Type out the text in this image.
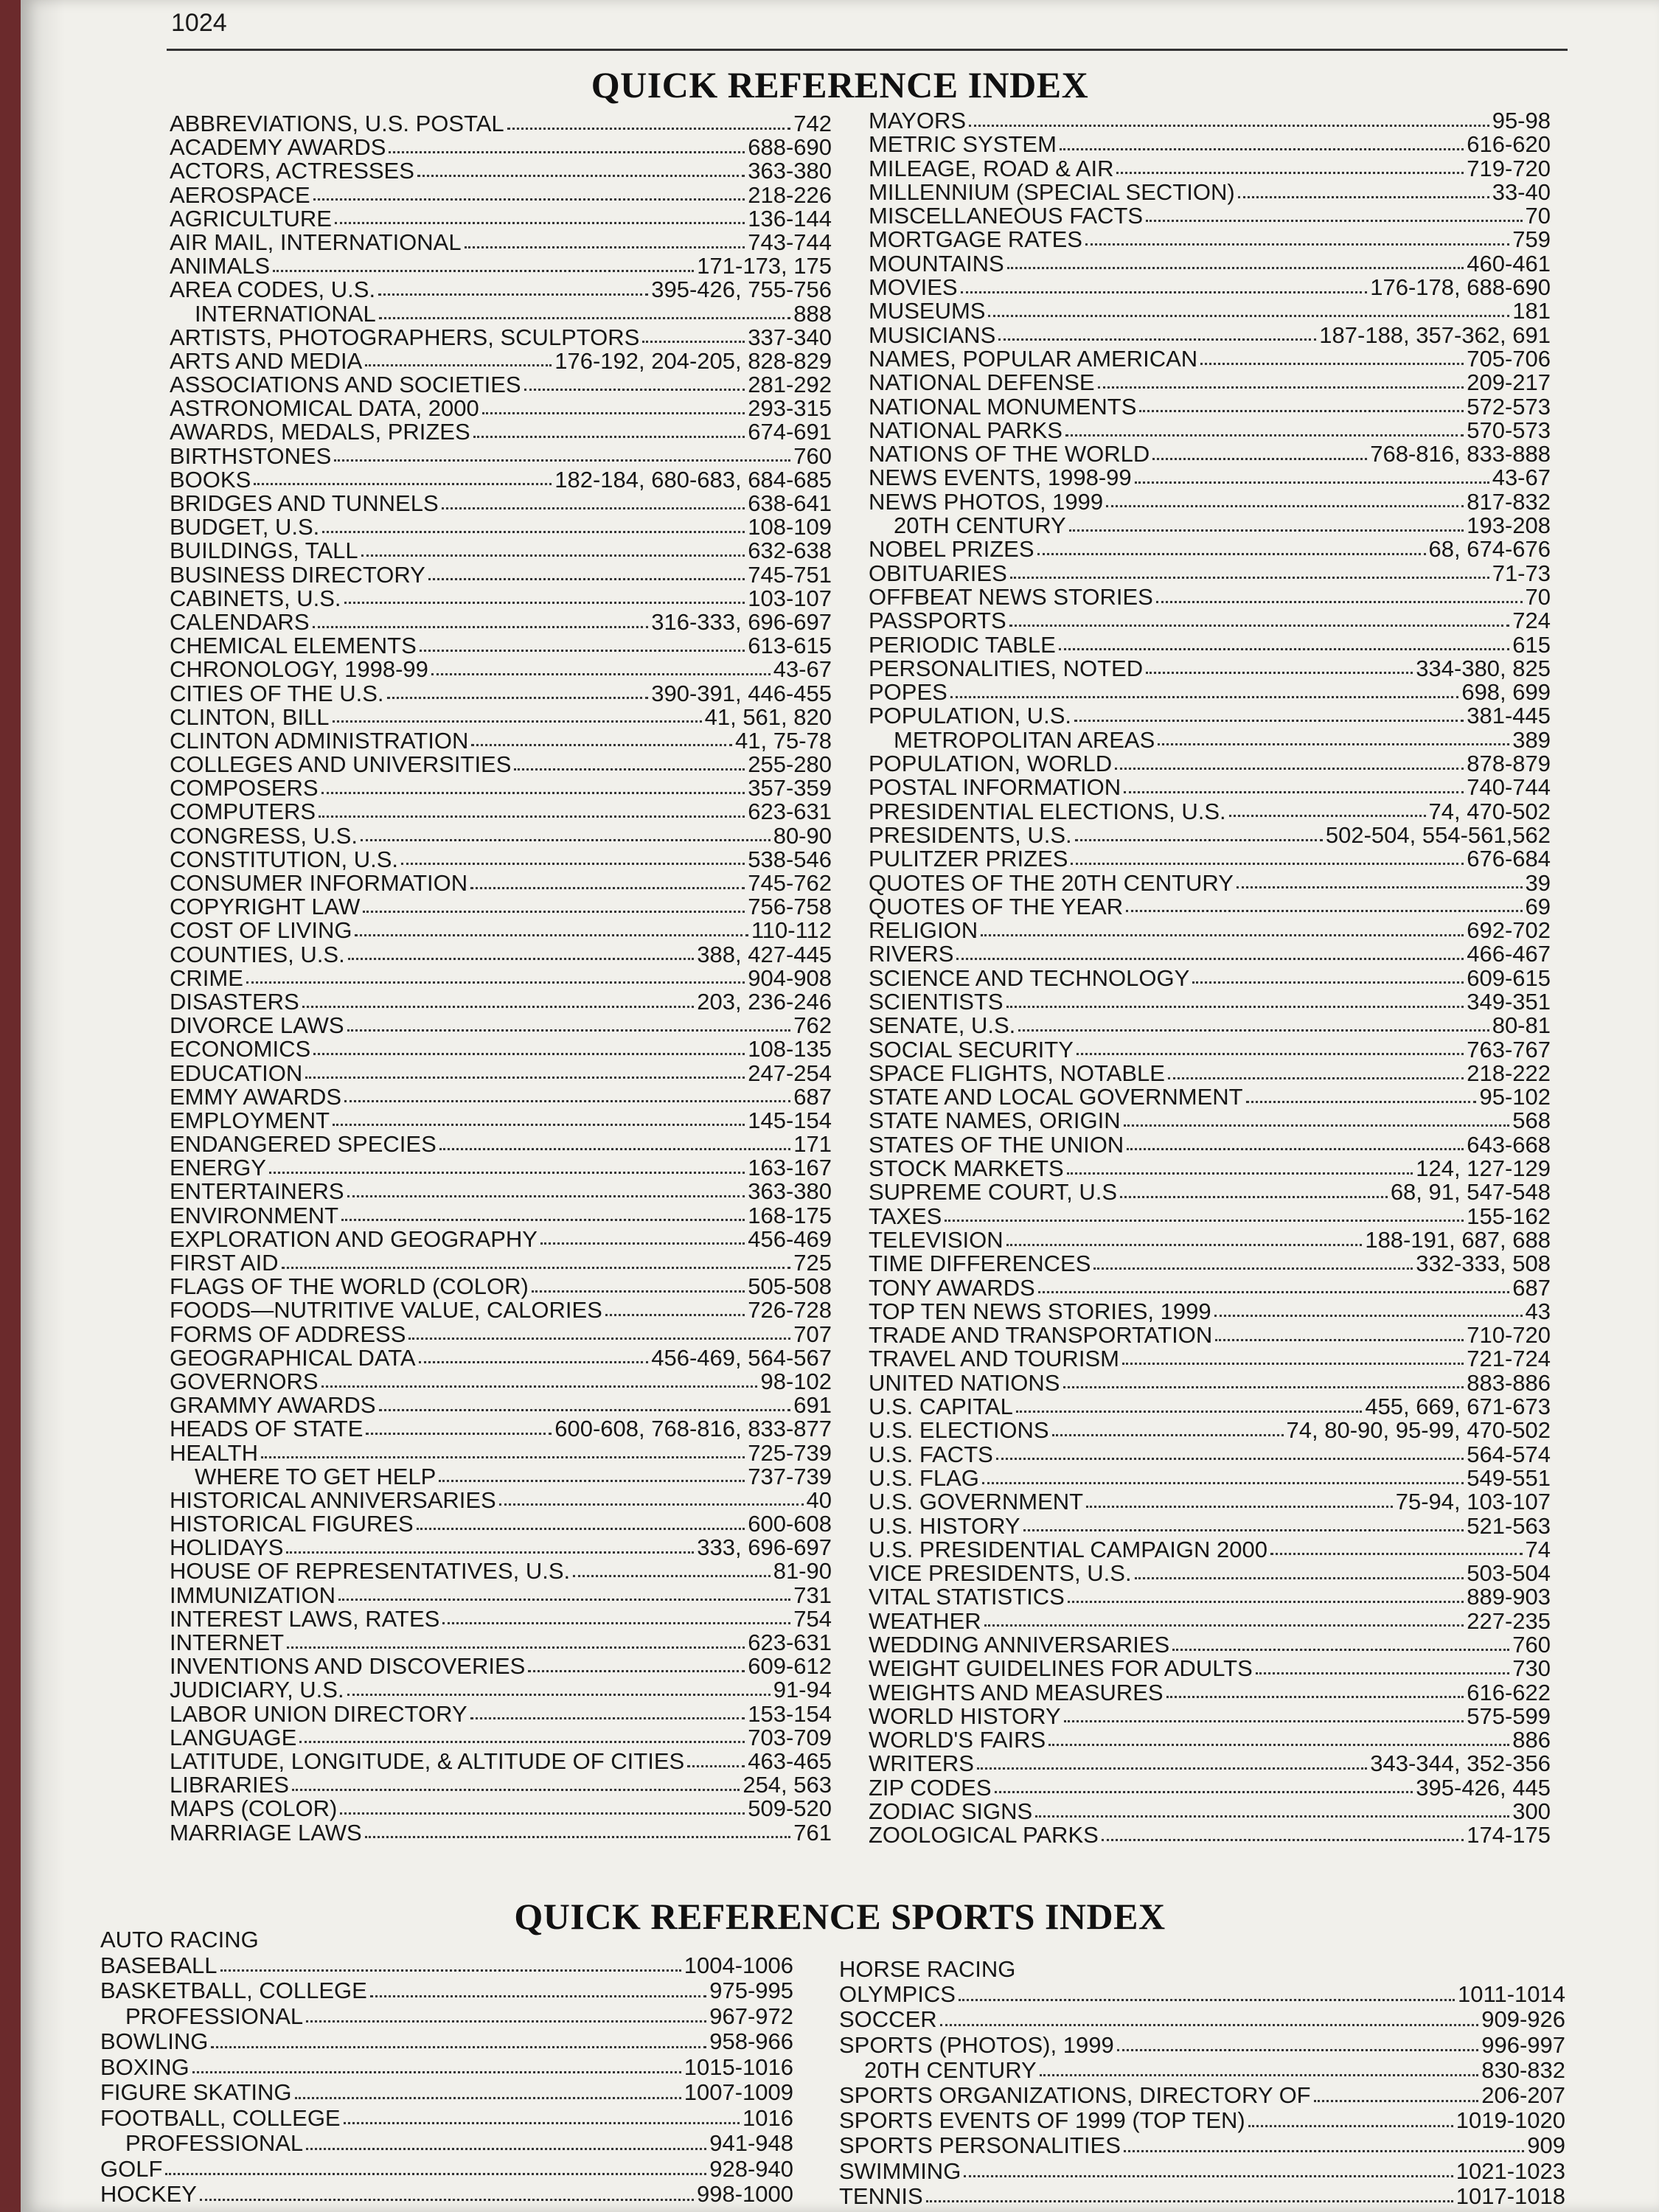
1024
QUICK REFERENCE INDEX
ABBREVIATIONS, U.S. POSTAL	742
ACADEMY AWARDS	688-690
ACTORS, ACTRESSES	363-380
AEROSPACE	218-226
AGRICULTURE	136-144
AIR MAIL, INTERNATIONAL	743-744
ANIMALS	171-173, 175
AREA CODES, U.S.	395-426, 755-756
INTERNATIONAL	888
ARTISTS, PHOTOGRAPHERS, SCULPTORS	337-340
ARTS AND MEDIA	176-192, 204-205, 828-829
ASSOCIATIONS AND SOCIETIES	281-292
ASTRONOMICAL DATA, 2000	293-315
AWARDS, MEDALS, PRIZES	674-691
BIRTHSTONES	760
BOOKS	182-184, 680-683, 684-685
BRIDGES AND TUNNELS	638-641
BUDGET, U.S.	108-109
BUILDINGS, TALL	632-638
BUSINESS DIRECTORY	745-751
CABINETS, U.S.	103-107
CALENDARS	316-333, 696-697
CHEMICAL ELEMENTS	613-615
CHRONOLOGY, 1998-99	43-67
CITIES OF THE U.S.	390-391, 446-455
CLINTON, BILL	41, 561, 820
CLINTON ADMINISTRATION	41, 75-78
COLLEGES AND UNIVERSITIES	255-280
COMPOSERS	357-359
COMPUTERS	623-631
CONGRESS, U.S.	80-90
CONSTITUTION, U.S.	538-546
CONSUMER INFORMATION	745-762
COPYRIGHT LAW	756-758
COST OF LIVING	110-112
COUNTIES, U.S.	388, 427-445
CRIME	904-908
DISASTERS	203, 236-246
DIVORCE LAWS	762
ECONOMICS	108-135
EDUCATION	247-254
EMMY AWARDS	687
EMPLOYMENT	145-154
ENDANGERED SPECIES	171
ENERGY	163-167
ENTERTAINERS	363-380
ENVIRONMENT	168-175
EXPLORATION AND GEOGRAPHY	456-469
FIRST AID	725
FLAGS OF THE WORLD (COLOR)	505-508
FOODS—NUTRITIVE VALUE, CALORIES	726-728
FORMS OF ADDRESS	707
GEOGRAPHICAL DATA	456-469, 564-567
GOVERNORS	98-102
GRAMMY AWARDS	691
HEADS OF STATE	600-608, 768-816, 833-877
HEALTH	725-739
WHERE TO GET HELP	737-739
HISTORICAL ANNIVERSARIES	40
HISTORICAL FIGURES	600-608
HOLIDAYS	333, 696-697
HOUSE OF REPRESENTATIVES, U.S.	81-90
IMMUNIZATION	731
INTEREST LAWS, RATES	754
INTERNET	623-631
INVENTIONS AND DISCOVERIES	609-612
JUDICIARY, U.S.	91-94
LABOR UNION DIRECTORY	153-154
LANGUAGE	703-709
LATITUDE, LONGITUDE, & ALTITUDE OF CITIES	463-465
LIBRARIES	254, 563
MAPS (COLOR)	509-520
MARRIAGE LAWS	761
MAYORS	95-98
METRIC SYSTEM	616-620
MILEAGE, ROAD & AIR	719-720
MILLENNIUM (SPECIAL SECTION)	33-40
MISCELLANEOUS FACTS	70
MORTGAGE RATES	759
MOUNTAINS	460-461
MOVIES	176-178, 688-690
MUSEUMS	181
MUSICIANS	187-188, 357-362, 691
NAMES, POPULAR AMERICAN	705-706
NATIONAL DEFENSE	209-217
NATIONAL MONUMENTS	572-573
NATIONAL PARKS	570-573
NATIONS OF THE WORLD	768-816, 833-888
NEWS EVENTS, 1998-99	43-67
NEWS PHOTOS, 1999	817-832
20TH CENTURY	193-208
NOBEL PRIZES	68, 674-676
OBITUARIES	71-73
OFFBEAT NEWS STORIES	70
PASSPORTS	724
PERIODIC TABLE	615
PERSONALITIES, NOTED	334-380, 825
POPES	698, 699
POPULATION, U.S.	381-445
METROPOLITAN AREAS	389
POPULATION, WORLD	878-879
POSTAL INFORMATION	740-744
PRESIDENTIAL ELECTIONS, U.S.	74, 470-502
PRESIDENTS, U.S.	502-504, 554-561,562
PULITZER PRIZES	676-684
QUOTES OF THE 20TH CENTURY	39
QUOTES OF THE YEAR	69
RELIGION	692-702
RIVERS	466-467
SCIENCE AND TECHNOLOGY	609-615
SCIENTISTS	349-351
SENATE, U.S.	80-81
SOCIAL SECURITY	763-767
SPACE FLIGHTS, NOTABLE	218-222
STATE AND LOCAL GOVERNMENT	95-102
STATE NAMES, ORIGIN	568
STATES OF THE UNION	643-668
STOCK MARKETS	124, 127-129
SUPREME COURT, U.S	68, 91, 547-548
TAXES	155-162
TELEVISION	188-191, 687, 688
TIME DIFFERENCES	332-333, 508
TONY AWARDS	687
TOP TEN NEWS STORIES, 1999	43
TRADE AND TRANSPORTATION	710-720
TRAVEL AND TOURISM	721-724
UNITED NATIONS	883-886
U.S. CAPITAL	455, 669, 671-673
U.S. ELECTIONS	74, 80-90, 95-99, 470-502
U.S. FACTS	564-574
U.S. FLAG	549-551
U.S. GOVERNMENT	75-94, 103-107
U.S. HISTORY	521-563
U.S. PRESIDENTIAL CAMPAIGN 2000	74
VICE PRESIDENTS, U.S.	503-504
VITAL STATISTICS	889-903
WEATHER	227-235
WEDDING ANNIVERSARIES	760
WEIGHT GUIDELINES FOR ADULTS	730
WEIGHTS AND MEASURES	616-622
WORLD HISTORY	575-599
WORLD'S FAIRS	886
WRITERS	343-344, 352-356
ZIP CODES	395-426, 445
ZODIAC SIGNS	300
ZOOLOGICAL PARKS	174-175
QUICK REFERENCE SPORTS INDEX
AUTO RACING
BASEBALL	1004-1006
BASKETBALL, COLLEGE	975-995
PROFESSIONAL	967-972
BOWLING	958-966
BOXING	1015-1016
FIGURE SKATING	1007-1009
FOOTBALL, COLLEGE	1016
PROFESSIONAL	941-948
GOLF	928-940
HOCKEY	998-1000
HORSE RACING
OLYMPICS	1011-1014
SOCCER	909-926
SPORTS (PHOTOS), 1999	996-997
20TH CENTURY	830-832
SPORTS ORGANIZATIONS, DIRECTORY OF	206-207
SPORTS EVENTS OF 1999 (TOP TEN)	1019-1020
SPORTS PERSONALITIES	909
SWIMMING	1021-1023
TENNIS	1017-1018
